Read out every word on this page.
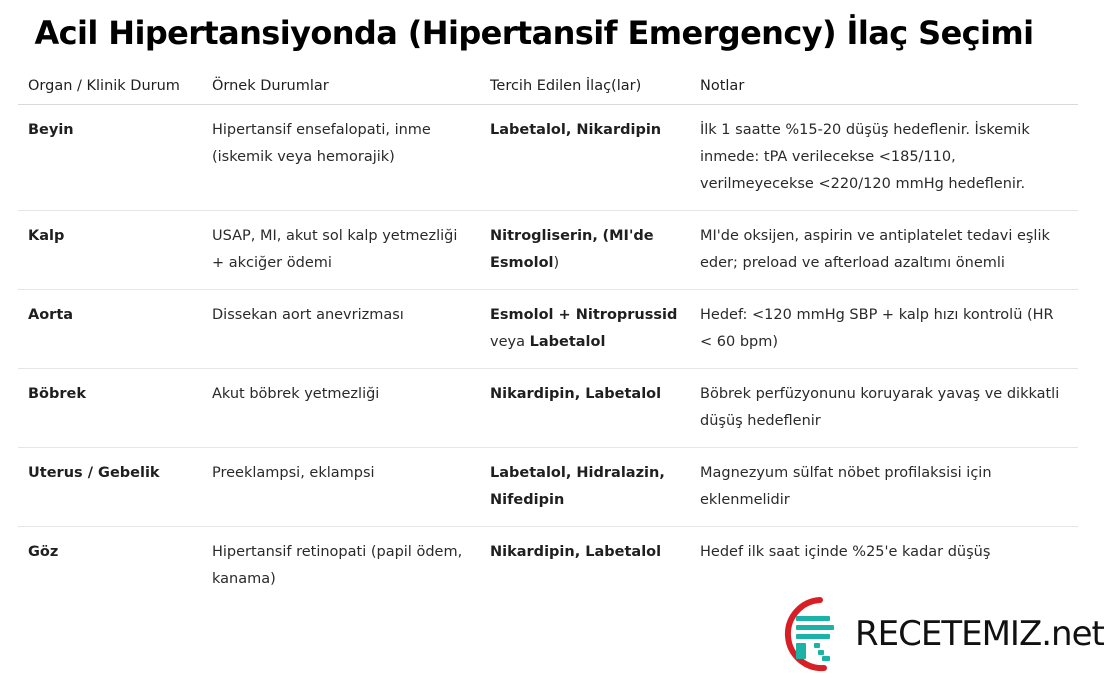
Acil Hipertansiyonda (Hipertansif Emergency) İlaç Seçimi
Organ / Klinik Durum	Örnek Durumlar	Tercih Edilen İlaç(lar)	Notlar
Beyin	Hipertansif ensefalopati, inme (iskemik veya hemorajik)	Labetalol, Nikardipin	İlk 1 saatte %15-20 düşüş hedeflenir. İskemik inmede: tPA verilecekse <185/110, verilmeyecekse <220/120 mmHg hedeflenir.
Kalp	USAP, MI, akut sol kalp yetmezliği + akciğer ödemi	Nitrogliserin, (MI'de Esmolol)	MI'de oksijen, aspirin ve antiplatelet tedavi eşlik eder; preload ve afterload azaltımı önemli
Aorta	Dissekan aort anevrizması	Esmolol + Nitroprussid veya Labetalol	Hedef: <120 mmHg SBP + kalp hızı kontrolü (HR < 60 bpm)
Böbrek	Akut böbrek yetmezliği	Nikardipin, Labetalol	Böbrek perfüzyonunu koruyarak yavaş ve dikkatli düşüş hedeflenir
Uterus / Gebelik	Preeklampsi, eklampsi	Labetalol, Hidralazin, Nifedipin	Magnezyum sülfat nöbet profilaksisi için eklenmelidir
Göz	Hipertansif retinopati (papil ödem, kanama)	Nikardipin, Labetalol	Hedef ilk saat içinde %25'e kadar düşüş
RECETEMIZ.net
